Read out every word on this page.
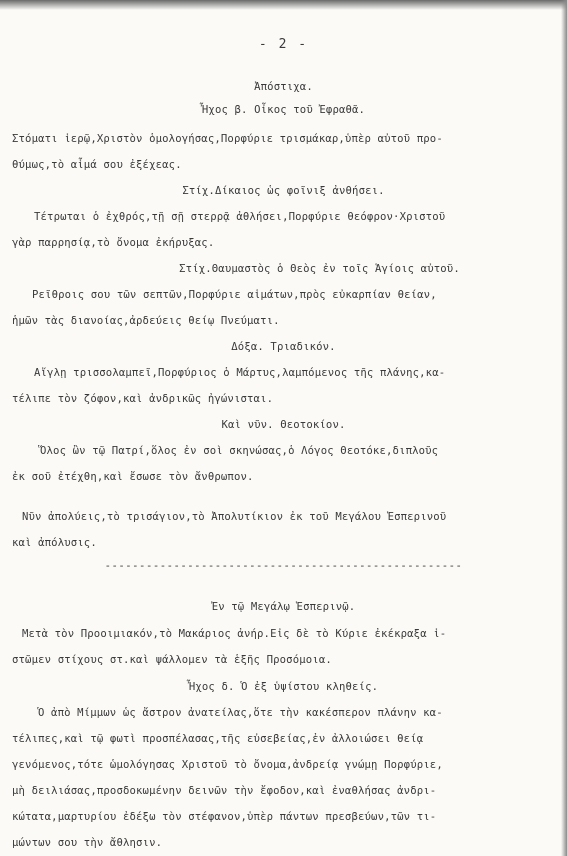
- 2 -
Ἀπόστιχα.
Ἦχος β. Οἶκος τοῦ Ἐφραθᾶ.
Στόματι ἱερῷ,Χριστὸν ὁμολογήσας,Πορφύριε τρισμάκαρ,ὑπὲρ αὐτοῦ προ-
θύμως,τὸ αἷμά σου ἐξέχεας.
Στίχ.Δίκαιος ὡς φοῖνιξ ἀνθήσει.
Τέτρωται ὁ ἐχθρός,τῇ σῇ στερρᾷ ἀθλήσει,Πορφύριε θεόφρον·Χριστοῦ
γὰρ παρρησίᾳ,τὸ ὄνομα ἐκήρυξας.
Στίχ.Θαυμαστὸς ὁ Θεὸς ἐν τοῖς Ἁγίοις αὐτοῦ.
Ρεῖθροις σου τῶν σεπτῶν,Πορφύριε αἱμάτων,πρὸς εὐκαρπίαν θείαν,
ἡμῶν τὰς διανοίας,ἀρδεύεις θείῳ Πνεύματι.
Δόξα. Τριαδικόν.
Αἴγλῃ τρισσολαμπεῖ,Πορφύριος ὁ Μάρτυς,λαμπόμενος τῆς πλάνης,κα-
τέλιπε τὸν ζόφον,καὶ ἀνδρικῶς ἠγώνισται.
Καὶ νῦν. Θεοτοκίον.
Ὅλος ὢν τῷ Πατρί,ὅλος ἐν σοὶ σκηνώσας,ὁ Λόγος Θεοτόκε,διπλοῦς
ἐκ σοῦ ἐτέχθη,καὶ ἔσωσε τὸν ἄνθρωπον.
Νῦν ἀπολύεις,τὸ τρισάγιον,τὸ Ἀπολυτίκιον ἐκ τοῦ Μεγάλου Ἑσπερινοῦ
καὶ ἀπόλυσις.
----------------------------------------------------
Ἐν τῷ Μεγάλῳ Ἑσπερινῷ.
Μετὰ τὸν Προοιμιακόν,τὸ Μακάριος ἀνήρ.Εἰς δὲ τὸ Κύριε ἐκέκραξα ἱ-
στῶμεν στίχους στ.καὶ ψάλλομεν τὰ ἑξῆς Προσόμοια.
Ἦχος δ. Ὁ ἐξ ὑψίστου κληθείς.
Ὁ ἀπὸ Μίμμων ὡς ἄστρον ἀνατείλας,ὅτε τὴν κακέσπερον πλάνην κα-
τέλιπες,καὶ τῷ φωτὶ προσπέλασας,τῆς εὐσεβείας,ἐν ἀλλοιώσει θείᾳ
γενόμενος,τότε ὡμολόγησας Χριστοῦ τὸ ὄνομα,ἀνδρείᾳ γνώμῃ Πορφύριε,
μὴ δειλιάσας,προσδοκωμένην δεινῶν τὴν ἔφοδον,καὶ ἐναθλήσας ἀνδρι-
κώτατα,μαρτυρίου ἐδέξω τὸν στέφανον,ὑπὲρ πάντων πρεσβεύων,τῶν τι-
μώντων σου τὴν ἄθλησιν.
